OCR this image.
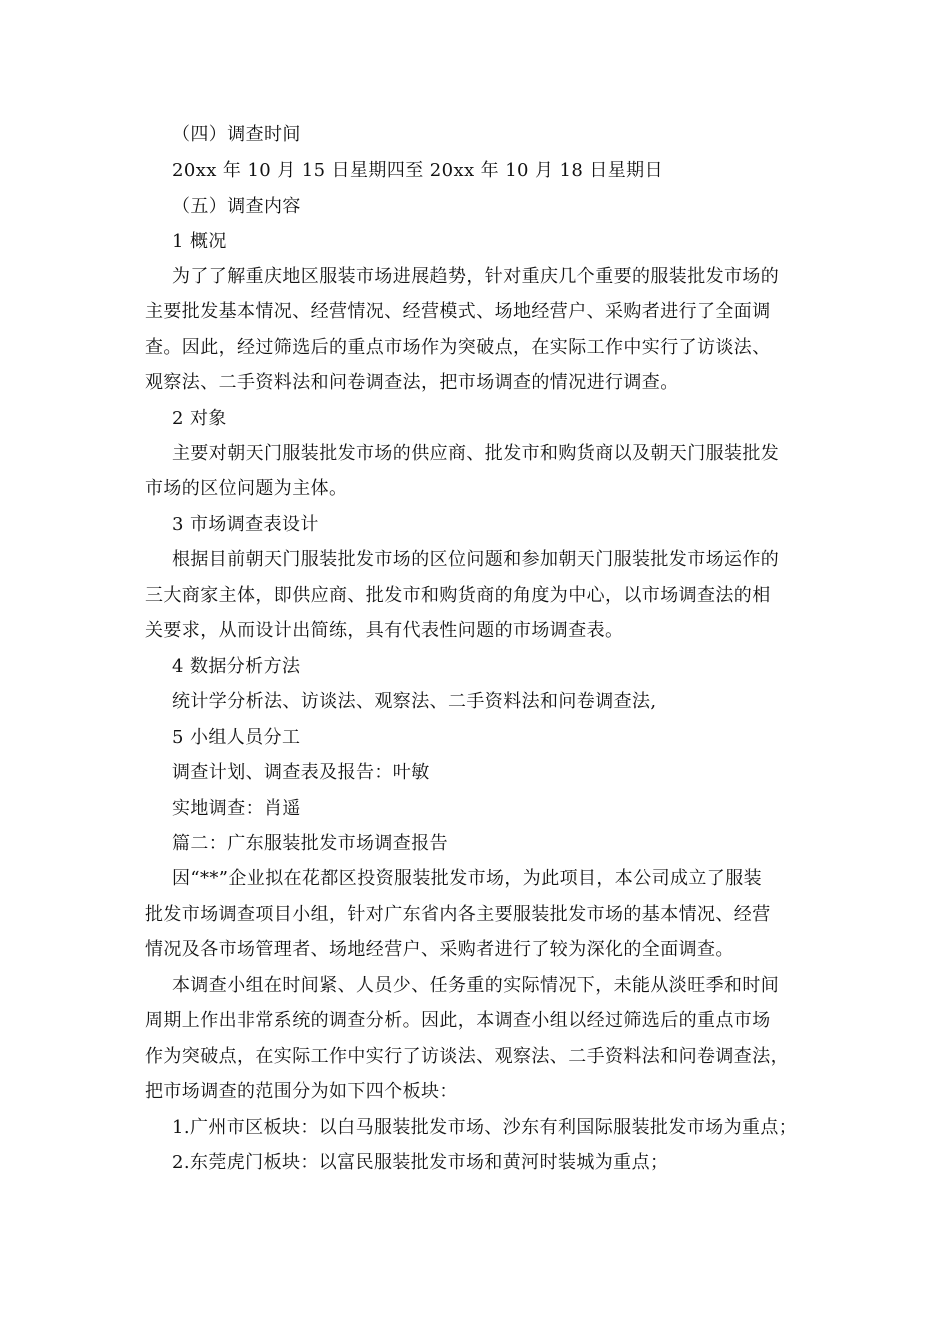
（四）调查时间
20xx 年 10 月 15 日星期四至 20xx 年 10 月 18 日星期日
（五）调查内容
1 概况
为了了解重庆地区服装市场进展趋势，针对重庆几个重要的服装批发市场的
主要批发基本情况、经营情况、经营模式、场地经营户、采购者进行了全面调
查。因此，经过筛选后的重点市场作为突破点，在实际工作中实行了访谈法、
观察法、二手资料法和问卷调查法，把市场调查的情况进行调查。
2 对象
主要对朝天门服装批发市场的供应商、批发市和购货商以及朝天门服装批发
市场的区位问题为主体。
3 市场调查表设计
根据目前朝天门服装批发市场的区位问题和参加朝天门服装批发市场运作的
三大商家主体，即供应商、批发市和购货商的角度为中心，以市场调查法的相
关要求，从而设计出简练，具有代表性问题的市场调查表。
4 数据分析方法
统计学分析法、访谈法、观察法、二手资料法和问卷调查法,
5 小组人员分工
调查计划、调查表及报告：叶敏
实地调查：肖遥
篇二：广东服装批发市场调查报告
因“**”企业拟在花都区投资服装批发市场，为此项目，本公司成立了服装
批发市场调查项目小组，针对广东省内各主要服装批发市场的基本情况、经营
情况及各市场管理者、场地经营户、采购者进行了较为深化的全面调查。
本调查小组在时间紧、人员少、任务重的实际情况下，未能从淡旺季和时间
周期上作出非常系统的调查分析。因此，本调查小组以经过筛选后的重点市场
作为突破点，在实际工作中实行了访谈法、观察法、二手资料法和问卷调查法，
把市场调查的范围分为如下四个板块：
1.广州市区板块：以白马服装批发市场、沙东有利国际服装批发市场为重点；
2.东莞虎门板块：以富民服装批发市场和黄河时装城为重点；
